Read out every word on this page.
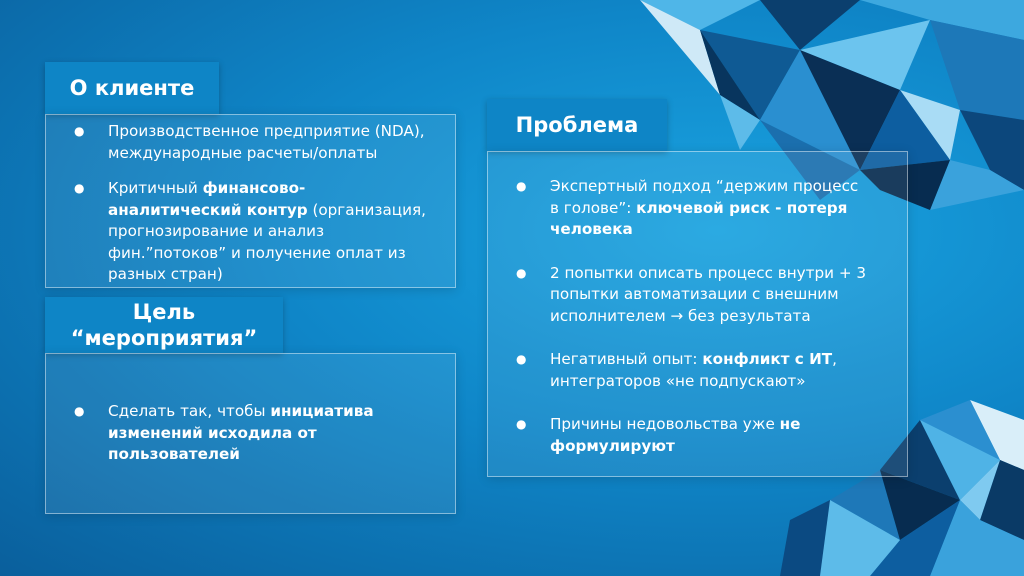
О клиенте
● Производственное предприятие (NDA), международные расчеты/оплаты
● Критичный финансово-аналитический контур (организация, прогнозирование и анализ фин.”потоков” и получение оплат из разных стран)
Цель
“мероприятия”
● Сделать так, чтобы инициатива изменений исходила от пользователей
Проблема
● Экспертный подход “держим процесс в голове”: ключевой риск - потеря человека
● 2 попытки описать процесс внутри + 3 попытки автоматизации с внешним исполнителем → без результата
● Негативный опыт: конфликт с ИТ, интеграторов «не подпускают»
● Причины недовольства уже не формулируют
